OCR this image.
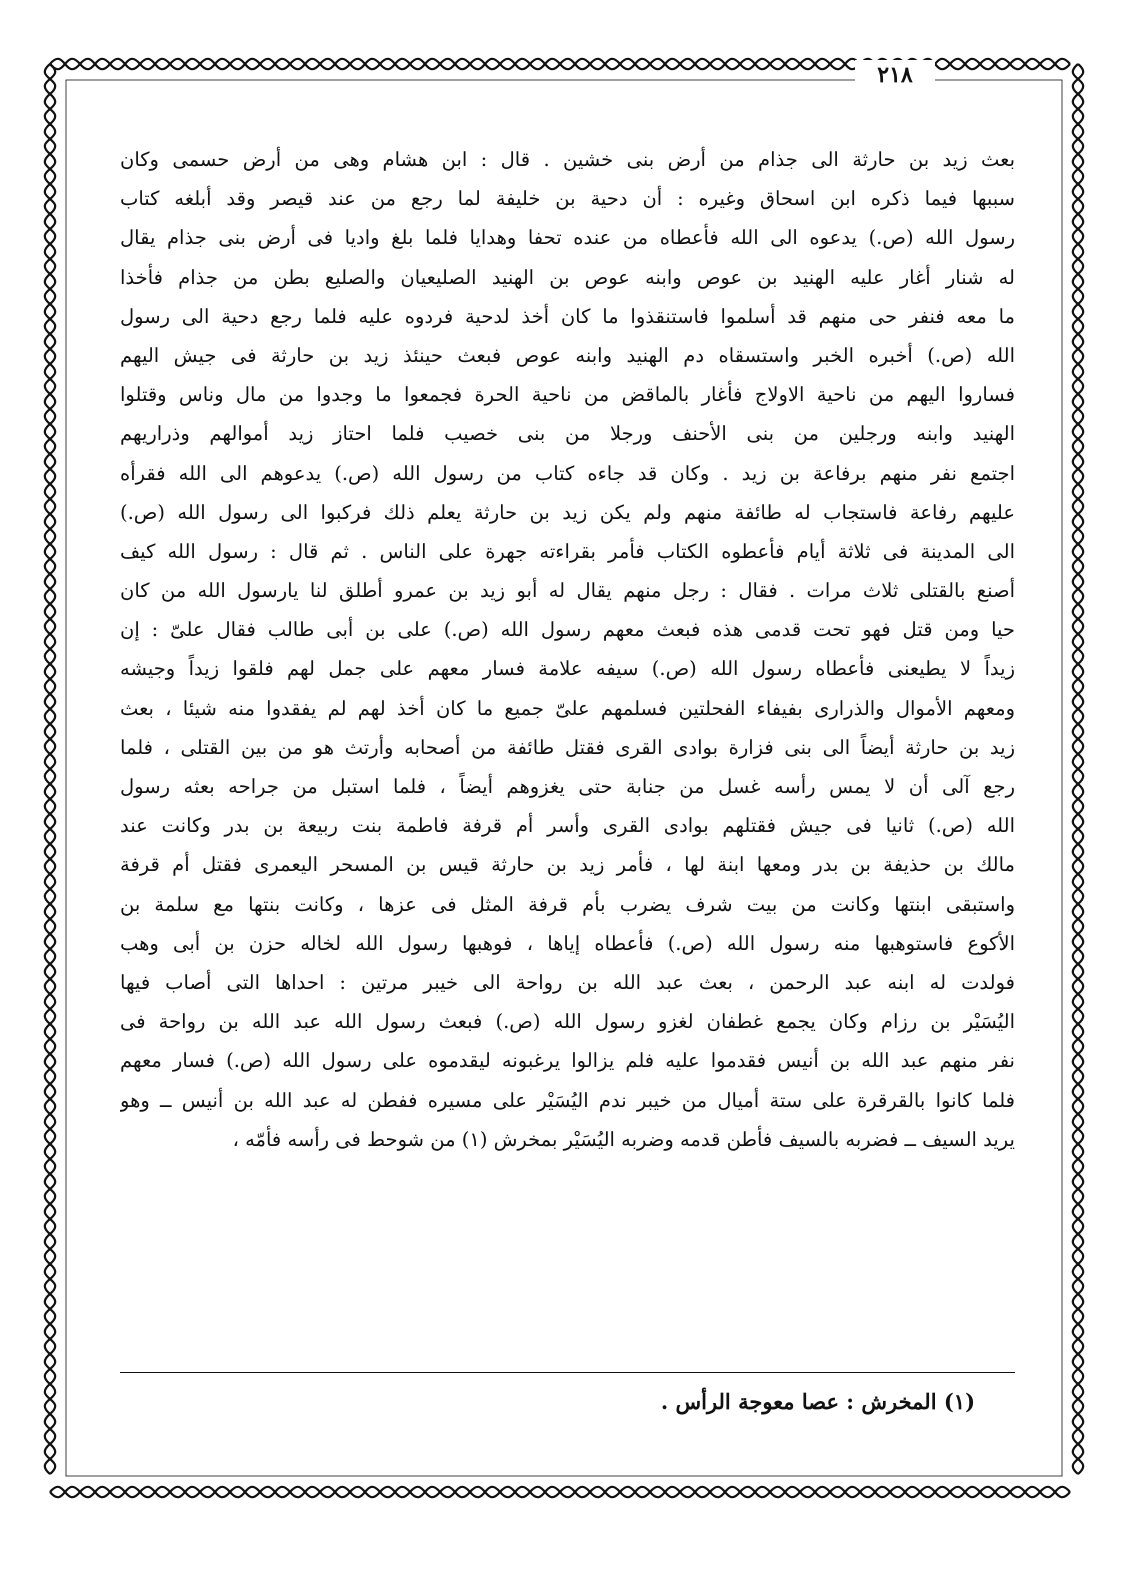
٢١٨
بعث زيد بن حارثة الى جذام من أرض بنى خشين . قال : ابن هشام وهى من أرض حسمى وكان
سببها فيما ذكره ابن اسحاق وغيره : أن دحية بن خليفة لما رجع من عند قيصر وقد أبلغه كتاب
رسول الله (ص.) يدعوه الى الله فأعطاه من عنده تحفا وهدايا فلما بلغ واديا فى أرض بنى جذام يقال
له شنار أغار عليه الهنيد بن عوص وابنه عوص بن الهنيد الصليعيان والصليع بطن من جذام فأخذا
ما معه فنفر حى منهم قد أسلموا فاستنقذوا ما كان أخذ لدحية فردوه عليه فلما رجع دحية الى رسول
الله (ص.) أخبره الخبر واستسقاه دم الهنيد وابنه عوص فبعث حينئذ زيد بن حارثة فى جيش اليهم
فساروا اليهم من ناحية الاولاج فأغار بالماقض من ناحية الحرة فجمعوا ما وجدوا من مال وناس وقتلوا
الهنيد وابنه ورجلين من بنى الأحنف ورجلا من بنى خصيب فلما احتاز زيد أموالهم وذراريهم
اجتمع نفر منهم برفاعة بن زيد . وكان قد جاءه كتاب من رسول الله (ص.) يدعوهم الى الله فقرأه
عليهم رفاعة فاستجاب له طائفة منهم ولم يكن زيد بن حارثة يعلم ذلك فركبوا الى رسول الله (ص.)
الى المدينة فى ثلاثة أيام فأعطوه الكتاب فأمر بقراءته جهرة على الناس . ثم قال : رسول الله كيف
أصنع بالقتلى ثلاث مرات . فقال : رجل منهم يقال له أبو زيد بن عمرو أطلق لنا يارسول الله من كان
حيا ومن قتل فهو تحت قدمى هذه فبعث معهم رسول الله (ص.) على بن أبى طالب فقال علىّ : إن
زيداً لا يطيعنى فأعطاه رسول الله (ص.) سيفه علامة فسار معهم على جمل لهم فلقوا زيداً وجيشه
ومعهم الأموال والذرارى بفيفاء الفحلتين فسلمهم علىّ جميع ما كان أخذ لهم لم يفقدوا منه شيئا ، بعث
زيد بن حارثة أيضاً الى بنى فزارة بوادى القرى فقتل طائفة من أصحابه وأرتث هو من بين القتلى ، فلما
رجع آلى أن لا يمس رأسه غسل من جنابة حتى يغزوهم أيضاً ، فلما استبل من جراحه بعثه رسول
الله (ص.) ثانيا فى جيش فقتلهم بوادى القرى وأسر أم قرفة فاطمة بنت ربيعة بن بدر وكانت عند
مالك بن حذيفة بن بدر ومعها ابنة لها ، فأمر زيد بن حارثة قيس بن المسحر اليعمرى فقتل أم قرفة
واستبقى ابنتها وكانت من بيت شرف يضرب بأم قرفة المثل فى عزها ، وكانت بنتها مع سلمة بن
الأكوع فاستوهبها منه رسول الله (ص.) فأعطاه إياها ، فوهبها رسول الله لخاله حزن بن أبى وهب
فولدت له ابنه عبد الرحمن ، بعث عبد الله بن رواحة الى خيبر مرتين : احداها التى أصاب فيها
اليُسَيْر بن رزام وكان يجمع غطفان لغزو رسول الله (ص.) فبعث رسول الله عبد الله بن رواحة فى
نفر منهم عبد الله بن أنيس فقدموا عليه فلم يزالوا يرغبونه ليقدموه على رسول الله (ص.) فسار معهم
فلما كانوا بالقرقرة على ستة أميال من خيبر ندم اليُسَيْر على مسيره ففطن له عبد الله بن أنيس ــ وهو
يريد السيف ــ فضربه بالسيف فأطن قدمه وضربه اليُسَيْر بمخرش (١) من شوحط فى رأسه فأمّه ،
(١) المخرش : عصا معوجة الرأس .
